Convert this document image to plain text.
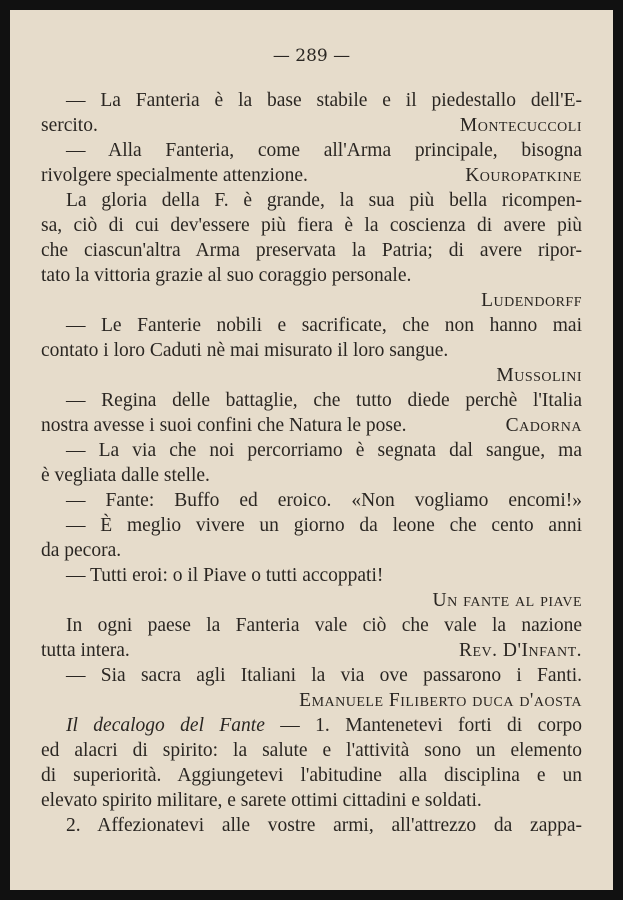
— 289 —
— La Fanteria è la base stabile e il piedestallo dell'E-
sercito.	Montecuccoli
— Alla Fanteria, come all'Arma principale, bisogna
rivolgere specialmente attenzione.	Kouropatkine
La gloria della F. è grande, la sua più bella ricompen-
sa, ciò di cui dev'essere più fiera è la coscienza di avere più
che ciascun'altra Arma preservata la Patria; di avere ripor-
tato la vittoria grazie al suo coraggio personale.
Ludendorff
— Le Fanterie nobili e sacrificate, che non hanno mai
contato i loro Caduti nè mai misurato il loro sangue.
Mussolini
— Regina delle battaglie, che tutto diede perchè l'Italia
nostra avesse i suoi confini che Natura le pose.	Cadorna
— La via che noi percorriamo è segnata dal sangue, ma
è vegliata dalle stelle.
— Fante: Buffo ed eroico. «Non vogliamo encomi!»
— È meglio vivere un giorno da leone che cento anni
da pecora.
— Tutti eroi: o il Piave o tutti accoppati!
Un fante al piave
In ogni paese la Fanteria vale ciò che vale la nazione
tutta intera.	Rev. D'Infant.
— Sia sacra agli Italiani la via ove passarono i Fanti.
Emanuele Filiberto duca d'aosta
Il decalogo del Fante — 1. Mantenetevi forti di corpo
ed alacri di spirito: la salute e l'attività sono un elemento
di superiorità. Aggiungetevi l'abitudine alla disciplina e un
elevato spirito militare, e sarete ottimi cittadini e soldati.
2. Affezionatevi alle vostre armi, all'attrezzo da zappa-
